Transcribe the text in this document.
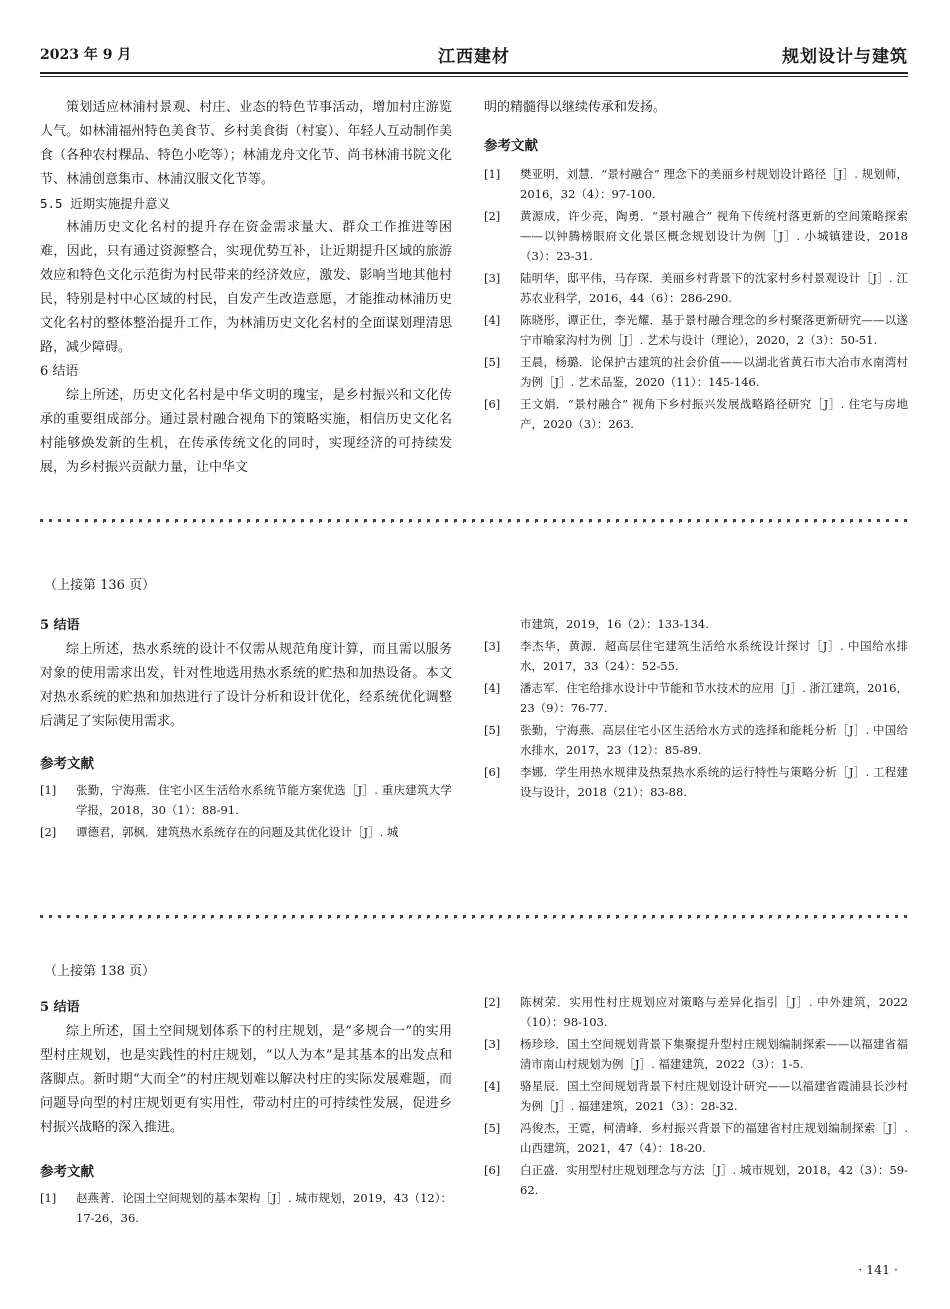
2023 年 9 月	江西建材	规划设计与建筑

策划适应林浦村景观、村庄、业态的特色节事活动，增加村庄游览人气。如林浦福州特色美食节、乡村美食街（村宴）、年轻人互动制作美食（各种农村粿品、特色小吃等）；林浦龙舟文化节、尚书林浦书院文化节、林浦创意集市、林浦汉服文化节等。

5.5 近期实施提升意义

林浦历史文化名村的提升存在资金需求量大、群众工作推进等困难，因此，只有通过资源整合，实现优势互补，让近期提升区域的旅游效应和特色文化示范街为村民带来的经济效应，激发、影响当地其他村民，特别是村中心区域的村民，自发产生改造意愿，才能推动林浦历史文化名村的整体整治提升工作，为林浦历史文化名村的全面谋划理清思路，减少障碍。

6 结语

综上所述，历史文化名村是中华文明的瑰宝，是乡村振兴和文化传承的重要组成部分。通过景村融合视角下的策略实施，相信历史文化名村能够焕发新的生机，在传承传统文化的同时，实现经济的可持续发展，为乡村振兴贡献力量，让中华文

明的精髓得以继续传承和发扬。

参考文献

[1]	樊亚明，刘慧．“景村融合” 理念下的美丽乡村规划设计路径［J］. 规划师，2016，32（4）：97-100.
[2]	黄源成，许少亮，陶勇．“景村融合” 视角下传统村落更新的空间策略探索——以钟腾榜眼府文化景区概念规划设计为例［J］. 小城镇建设，2018（3）：23-31.
[3]	陆明华，邸平伟，马存琛．美丽乡村背景下的沈家村乡村景观设计［J］. 江苏农业科学，2016，44（6）：286-290.
[4]	陈晓彤，谭正仕，李光耀．基于景村融合理念的乡村聚落更新研究——以遂宁市喻家沟村为例［J］. 艺术与设计（理论），2020，2（3）：50-51.
[5]	王晨，杨璐．论保护古建筑的社会价值——以湖北省黄石市大冶市水南湾村为例［J］. 艺术品鉴，2020（11）：145-146.
[6]	王文娟．“景村融合” 视角下乡村振兴发展战略路径研究［J］. 住宅与房地产，2020（3）：263.
（上接第 136 页）

5 结语

综上所述，热水系统的设计不仅需从规范角度计算，而且需以服务对象的使用需求出发，针对性地选用热水系统的贮热和加热设备。本文对热水系统的贮热和加热进行了设计分析和设计优化，经系统优化调整后满足了实际使用需求。

参考文献

[1]	张勤，宁海燕．住宅小区生活给水系统节能方案优选［J］. 重庆建筑大学学报，2018，30（1）：88-91.
[2]	谭德君，郭枫．建筑热水系统存在的问题及其优化设计［J］. 城
市建筑，2019，16（2）：133-134.
[3]	李杰华，黄源．超高层住宅建筑生活给水系统设计探讨［J］. 中国给水排水，2017，33（24）：52-55.
[4]	潘志军．住宅给排水设计中节能和节水技术的应用［J］. 浙江建筑，2016，23（9）：76-77.
[5]	张勤，宁海燕．高层住宅小区生活给水方式的选择和能耗分析［J］. 中国给水排水，2017，23（12）：85-89.
[6]	李娜．学生用热水规律及热泵热水系统的运行特性与策略分析［J］. 工程建设与设计，2018（21）：83-88.
（上接第 138 页）

5 结语

综上所述，国土空间规划体系下的村庄规划，是“多规合一”的实用型村庄规划，也是实践性的村庄规划，“以人为本”是其基本的出发点和落脚点。新时期“大而全”的村庄规划难以解决村庄的实际发展难题，而问题导向型的村庄规划更有实用性，带动村庄的可持续性发展，促进乡村振兴战略的深入推进。

参考文献

[1]	赵燕菁．论国土空间规划的基本架构［J］. 城市规划，2019，43（12）：17-26，36.
[2]	陈树荣．实用性村庄规划应对策略与差异化指引［J］. 中外建筑，2022（10）：98-103.
[3]	杨珍珍．国土空间规划背景下集聚提升型村庄规划编制探索——以福建省福清市南山村规划为例［J］. 福建建筑，2022（3）：1-5.
[4]	骆星辰．国土空间规划背景下村庄规划设计研究——以福建省霞浦县长沙村为例［J］. 福建建筑，2021（3）：28-32.
[5]	冯俊杰，王霓，柯清峰．乡村振兴背景下的福建省村庄规划编制探索［J］. 山西建筑，2021，47（4）：18-20.
[6]	白正盛．实用型村庄规划理念与方法［J］. 城市规划，2018，42（3）：59-62.
· 141 ·
